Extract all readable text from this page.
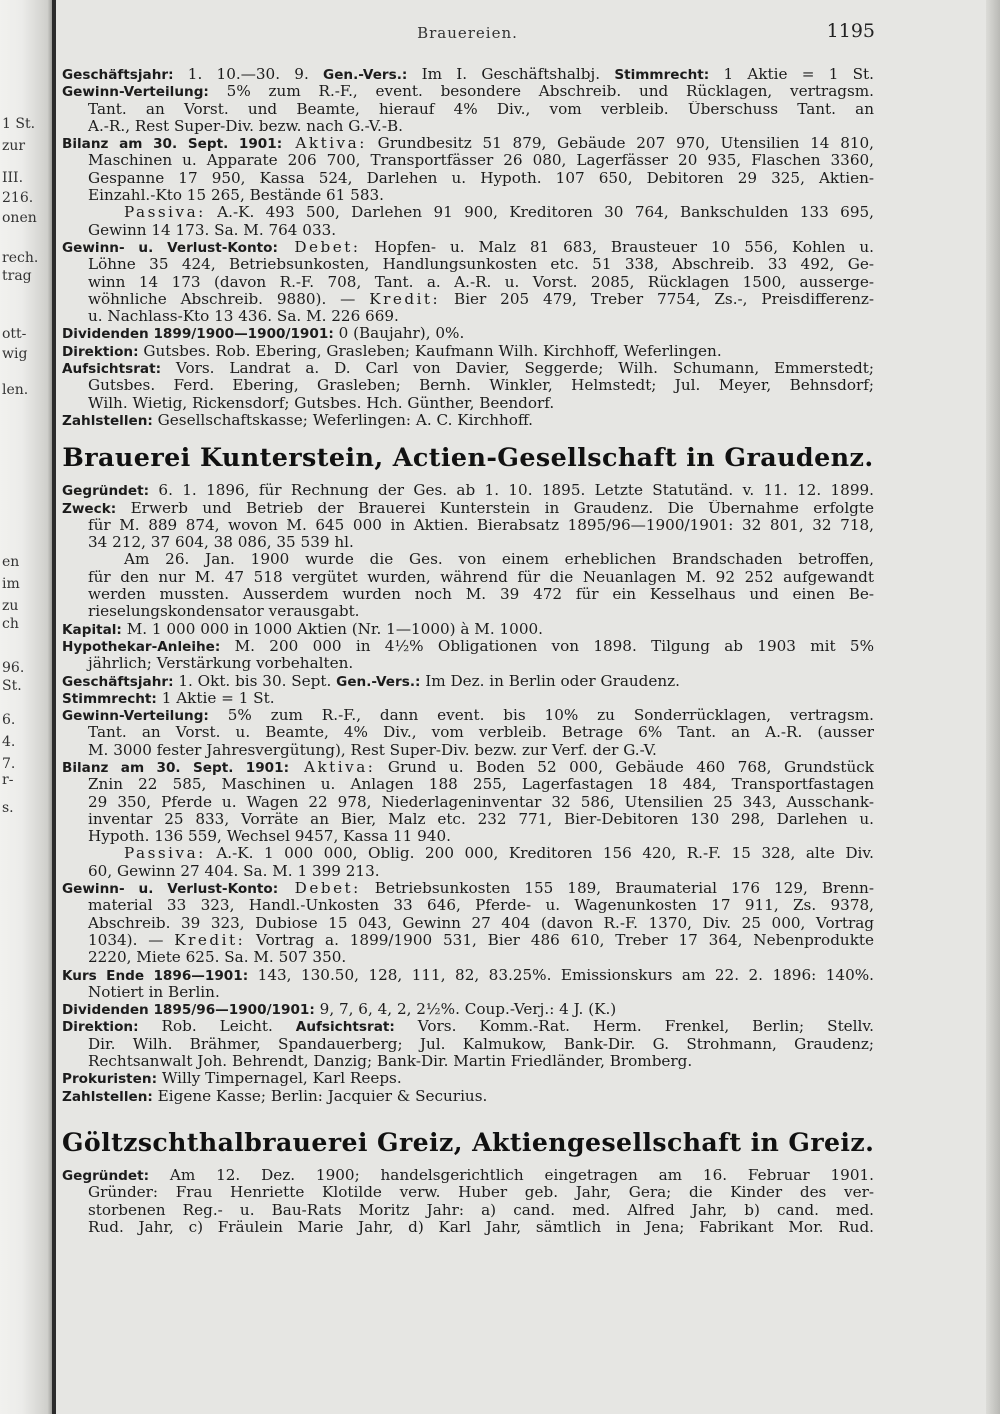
1 St.
zur
III.
216.
onen
rech.
trag
ott-
wig
len.
en
im
zu
ch
96.
St.
6.
4.
7.
r-
s.
Brauereien.	1195
Geschäftsjahr: 1. 10.—30. 9. Gen.-Vers.: Im I. Geschäftshalbj. Stimmrecht: 1 Aktie = 1 St.
Gewinn-Verteilung: 5% zum R.-F., event. besondere Abschreib. und Rücklagen, vertragsm.
Tant. an Vorst. und Beamte, hierauf 4% Div., vom verbleib. Überschuss Tant. an
A.-R., Rest Super-Div. bezw. nach G.-V.-B.
Bilanz am 30. Sept. 1901: Aktiva: Grundbesitz 51 879, Gebäude 207 970, Utensilien 14 810,
Maschinen u. Apparate 206 700, Transportfässer 26 080, Lagerfässer 20 935, Flaschen 3360,
Gespanne 17 950, Kassa 524, Darlehen u. Hypoth. 107 650, Debitoren 29 325, Aktien-
Einzahl.-Kto 15 265, Bestände 61 583.
Passiva: A.-K. 493 500, Darlehen 91 900, Kreditoren 30 764, Bankschulden 133 695,
Gewinn 14 173. Sa. M. 764 033.
Gewinn- u. Verlust-Konto: Debet: Hopfen- u. Malz 81 683, Brausteuer 10 556, Kohlen u.
Löhne 35 424, Betriebsunkosten, Handlungsunkosten etc. 51 338, Abschreib. 33 492, Ge-
winn 14 173 (davon R.-F. 708, Tant. a. A.-R. u. Vorst. 2085, Rücklagen 1500, ausserge-
wöhnliche Abschreib. 9880). — Kredit: Bier 205 479, Treber 7754, Zs.-, Preisdifferenz-
u. Nachlass-Kto 13 436. Sa. M. 226 669.
Dividenden 1899/1900—1900/1901: 0 (Baujahr), 0%.
Direktion: Gutsbes. Rob. Ebering, Grasleben; Kaufmann Wilh. Kirchhoff, Weferlingen.
Aufsichtsrat: Vors. Landrat a. D. Carl von Davier, Seggerde; Wilh. Schumann, Emmerstedt;
Gutsbes. Ferd. Ebering, Grasleben; Bernh. Winkler, Helmstedt; Jul. Meyer, Behnsdorf;
Wilh. Wietig, Rickensdorf; Gutsbes. Hch. Günther, Beendorf.
Zahlstellen: Gesellschaftskasse; Weferlingen: A. C. Kirchhoff.
Brauerei Kunterstein, Actien-Gesellschaft in Graudenz.
Gegründet: 6. 1. 1896, für Rechnung der Ges. ab 1. 10. 1895. Letzte Statutänd. v. 11. 12. 1899.
Zweck: Erwerb und Betrieb der Brauerei Kunterstein in Graudenz. Die Übernahme erfolgte
für M. 889 874, wovon M. 645 000 in Aktien. Bierabsatz 1895/96—1900/1901: 32 801, 32 718,
34 212, 37 604, 38 086, 35 539 hl.
Am 26. Jan. 1900 wurde die Ges. von einem erheblichen Brandschaden betroffen,
für den nur M. 47 518 vergütet wurden, während für die Neuanlagen M. 92 252 aufgewandt
werden mussten. Ausserdem wurden noch M. 39 472 für ein Kesselhaus und einen Be-
rieselungskondensator verausgabt.
Kapital: M. 1 000 000 in 1000 Aktien (Nr. 1—1000) à M. 1000.
Hypothekar-Anleihe: M. 200 000 in 4½% Obligationen von 1898. Tilgung ab 1903 mit 5%
jährlich; Verstärkung vorbehalten.
Geschäftsjahr: 1. Okt. bis 30. Sept. Gen.-Vers.: Im Dez. in Berlin oder Graudenz.
Stimmrecht: 1 Aktie = 1 St.
Gewinn-Verteilung: 5% zum R.-F., dann event. bis 10% zu Sonderrücklagen, vertragsm.
Tant. an Vorst. u. Beamte, 4% Div., vom verbleib. Betrage 6% Tant. an A.-R. (ausser
M. 3000 fester Jahresvergütung), Rest Super-Div. bezw. zur Verf. der G.-V.
Bilanz am 30. Sept. 1901: Aktiva: Grund u. Boden 52 000, Gebäude 460 768, Grundstück
Znin 22 585, Maschinen u. Anlagen 188 255, Lagerfastagen 18 484, Transportfastagen
29 350, Pferde u. Wagen 22 978, Niederlageninventar 32 586, Utensilien 25 343, Ausschank-
inventar 25 833, Vorräte an Bier, Malz etc. 232 771, Bier-Debitoren 130 298, Darlehen u.
Hypoth. 136 559, Wechsel 9457, Kassa 11 940.
Passiva: A.-K. 1 000 000, Oblig. 200 000, Kreditoren 156 420, R.-F. 15 328, alte Div.
60, Gewinn 27 404. Sa. M. 1 399 213.
Gewinn- u. Verlust-Konto: Debet: Betriebsunkosten 155 189, Braumaterial 176 129, Brenn-
material 33 323, Handl.-Unkosten 33 646, Pferde- u. Wagenunkosten 17 911, Zs. 9378,
Abschreib. 39 323, Dubiose 15 043, Gewinn 27 404 (davon R.-F. 1370, Div. 25 000, Vortrag
1034). — Kredit: Vortrag a. 1899/1900 531, Bier 486 610, Treber 17 364, Nebenprodukte
2220, Miete 625. Sa. M. 507 350.
Kurs Ende 1896—1901: 143, 130.50, 128, 111, 82, 83.25%. Emissionskurs am 22. 2. 1896: 140%.
Notiert in Berlin.
Dividenden 1895/96—1900/1901: 9, 7, 6, 4, 2, 2½%. Coup.-Verj.: 4 J. (K.)
Direktion: Rob. Leicht. Aufsichtsrat: Vors. Komm.-Rat. Herm. Frenkel, Berlin; Stellv.
Dir. Wilh. Brähmer, Spandauerberg; Jul. Kalmukow, Bank-Dir. G. Strohmann, Graudenz;
Rechtsanwalt Joh. Behrendt, Danzig; Bank-Dir. Martin Friedländer, Bromberg.
Prokuristen: Willy Timpernagel, Karl Reeps.
Zahlstellen: Eigene Kasse; Berlin: Jacquier & Securius.
Göltzschthalbrauerei Greiz, Aktiengesellschaft in Greiz.
Gegründet: Am 12. Dez. 1900; handelsgerichtlich eingetragen am 16. Februar 1901.
Gründer: Frau Henriette Klotilde verw. Huber geb. Jahr, Gera; die Kinder des ver-
storbenen Reg.- u. Bau-Rats Moritz Jahr: a) cand. med. Alfred Jahr, b) cand. med.
Rud. Jahr, c) Fräulein Marie Jahr, d) Karl Jahr, sämtlich in Jena; Fabrikant Mor. Rud.
